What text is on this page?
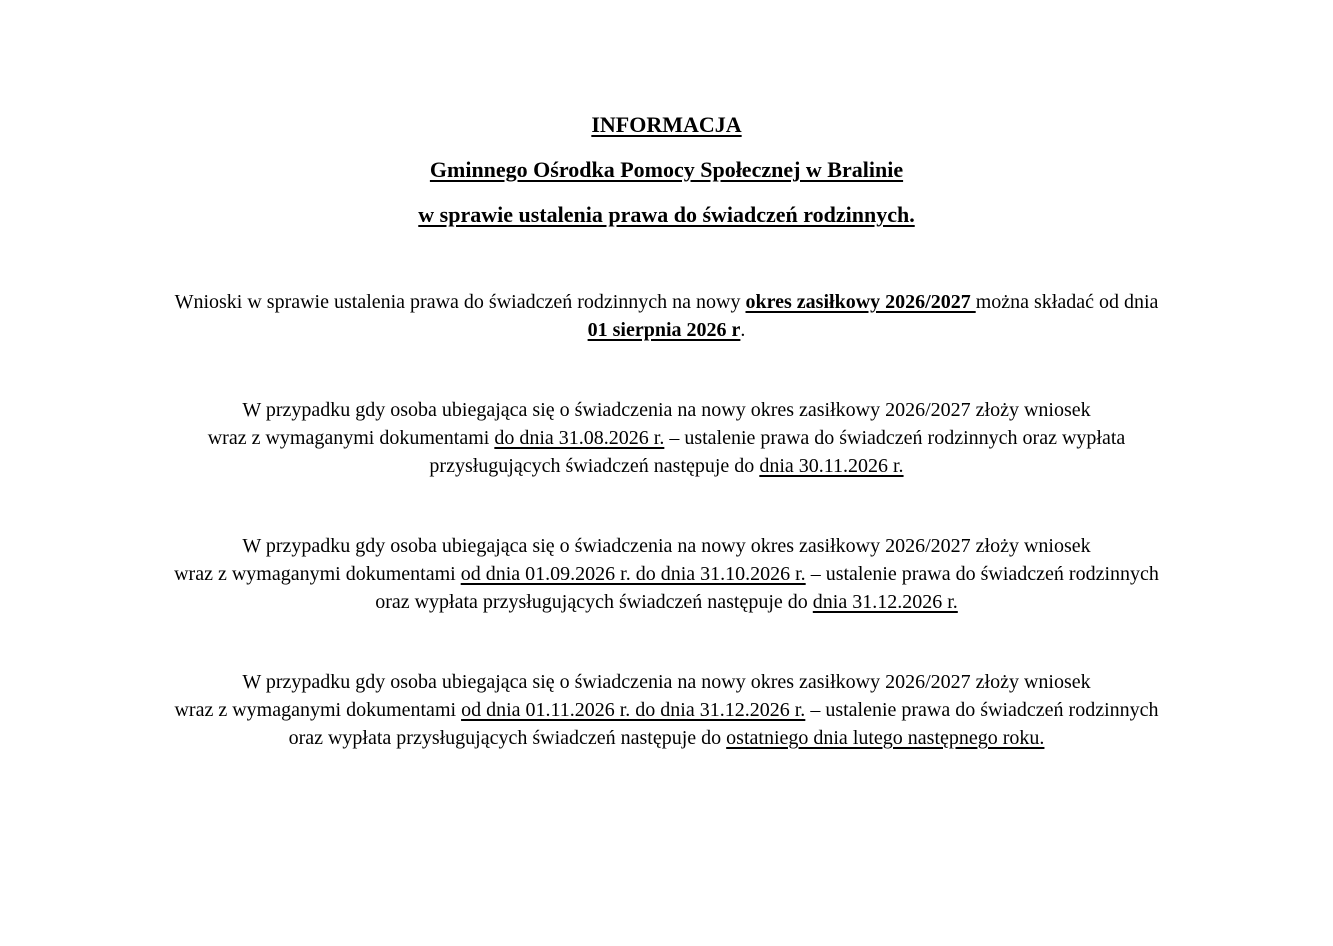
INFORMACJA
Gminnego Ośrodka Pomocy Społecznej w Bralinie
w sprawie ustalenia prawa do świadczeń rodzinnych.
Wnioski w sprawie ustalenia prawa do świadczeń rodzinnych na nowy okres zasiłkowy 2026/2027 można składać od dnia
01 sierpnia 2026 r.
W przypadku gdy osoba ubiegająca się o świadczenia na nowy okres zasiłkowy 2026/2027 złoży wniosek
wraz z wymaganymi dokumentami do dnia 31.08.2026 r. – ustalenie prawa do świadczeń rodzinnych oraz wypłata
przysługujących świadczeń następuje do dnia 30.11.2026 r.
W przypadku gdy osoba ubiegająca się o świadczenia na nowy okres zasiłkowy 2026/2027 złoży wniosek
wraz z wymaganymi dokumentami od dnia 01.09.2026 r. do dnia 31.10.2026 r. – ustalenie prawa do świadczeń rodzinnych
oraz wypłata przysługujących świadczeń następuje do dnia 31.12.2026 r.
W przypadku gdy osoba ubiegająca się o świadczenia na nowy okres zasiłkowy 2026/2027 złoży wniosek
wraz z wymaganymi dokumentami od dnia 01.11.2026 r. do dnia 31.12.2026 r. – ustalenie prawa do świadczeń rodzinnych
oraz wypłata przysługujących świadczeń następuje do ostatniego dnia lutego następnego roku.
